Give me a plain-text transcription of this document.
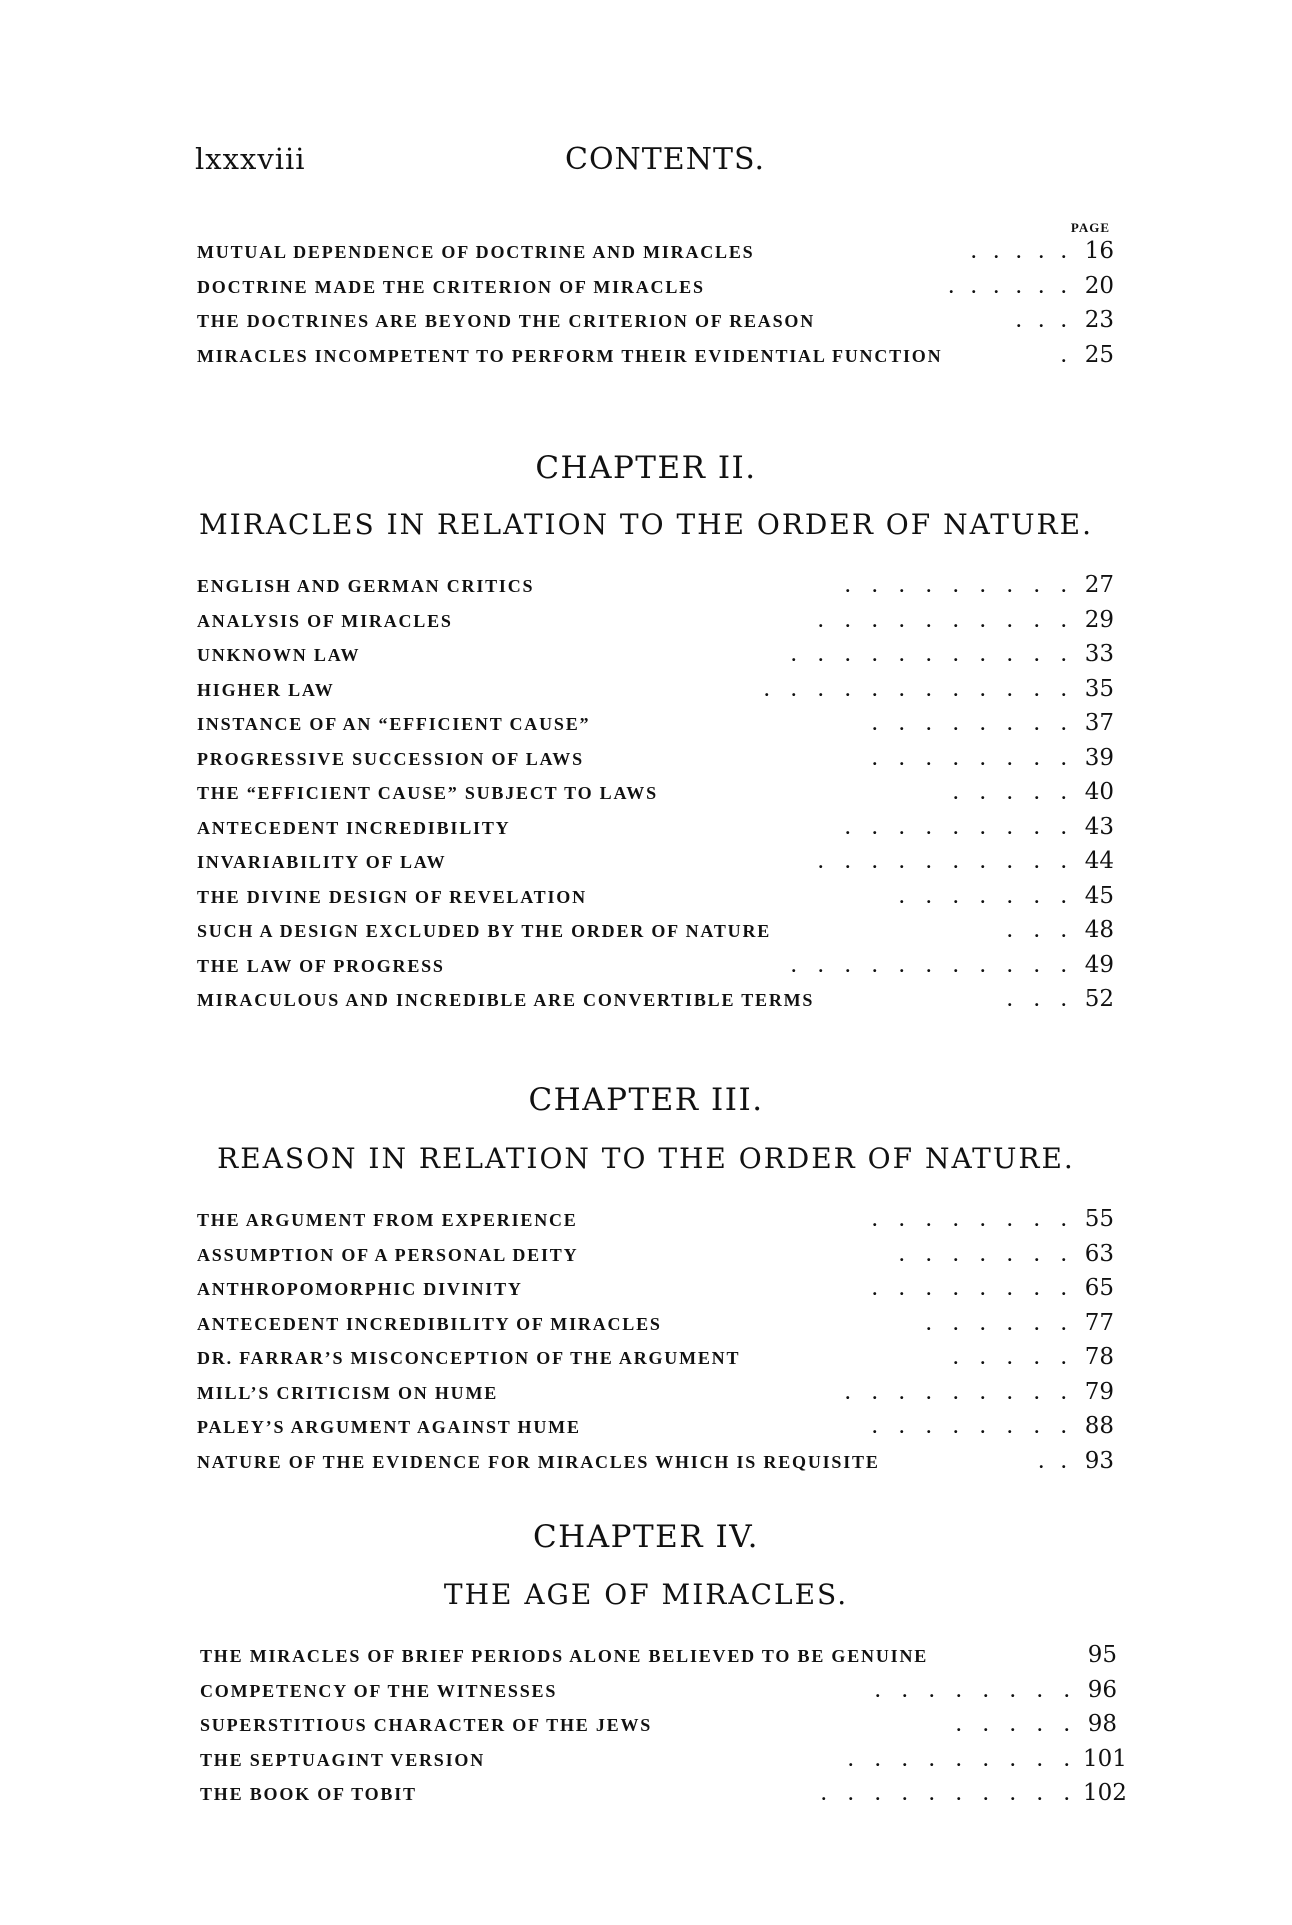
lxxxviii	CONTENTS.
PAGE
MUTUAL DEPENDENCE OF DOCTRINE AND MIRACLES	.    .    .    .    . 16
DOCTRINE MADE THE CRITERION OF MIRACLES	.    .    .    .    .    . 20
THE DOCTRINES ARE BEYOND THE CRITERION OF REASON	.    .    . 23
MIRACLES INCOMPETENT TO PERFORM THEIR EVIDENTIAL FUNCTION	. 25
CHAPTER II.
MIRACLES IN RELATION TO THE ORDER OF NATURE.
ENGLISH AND GERMAN CRITICS	.     .     .     .     .     .     .     .     . 27
ANALYSIS OF MIRACLES	.     .     .     .     .     .     .     .     .     . 29
UNKNOWN LAW	.     .     .     .     .     .     .     .     .     .     . 33
HIGHER LAW	.     .     .     .     .     .     .     .     .     .     .     . 35
INSTANCE OF AN “EFFICIENT CAUSE”	.     .     .     .     .     .     .     . 37
PROGRESSIVE SUCCESSION OF LAWS	.     .     .     .     .     .     .     . 39
THE “EFFICIENT CAUSE” SUBJECT TO LAWS	.     .     .     .     . 40
ANTECEDENT INCREDIBILITY	.     .     .     .     .     .     .     .     . 43
INVARIABILITY OF LAW	.     .     .     .     .     .     .     .     .     . 44
THE DIVINE DESIGN OF REVELATION	.     .     .     .     .     .     . 45
SUCH A DESIGN EXCLUDED BY THE ORDER OF NATURE	.     .     . 48
THE LAW OF PROGRESS	.     .     .     .     .     .     .     .     .     .     . 49
MIRACULOUS AND INCREDIBLE ARE CONVERTIBLE TERMS	.     .     . 52
CHAPTER III.
REASON IN RELATION TO THE ORDER OF NATURE.
THE ARGUMENT FROM EXPERIENCE	.     .     .     .     .     .     .     . 55
ASSUMPTION OF A PERSONAL DEITY	.     .     .     .     .     .     . 63
ANTHROPOMORPHIC DIVINITY	.     .     .     .     .     .     .     . 65
ANTECEDENT INCREDIBILITY OF MIRACLES	.     .     .     .     .     . 77
DR. FARRAR’S MISCONCEPTION OF THE ARGUMENT	.     .     .     .     . 78
MILL’S CRITICISM ON HUME	.     .     .     .     .     .     .     .     . 79
PALEY’S ARGUMENT AGAINST HUME	.     .     .     .     .     .     .     . 88
NATURE OF THE EVIDENCE FOR MIRACLES WHICH IS REQUISITE	.    . 93
CHAPTER IV.
THE AGE OF MIRACLES.
THE MIRACLES OF BRIEF PERIODS ALONE BELIEVED TO BE GENUINE	95
COMPETENCY OF THE WITNESSES	.     .     .     .     .     .     .     . 96
SUPERSTITIOUS CHARACTER OF THE JEWS	.     .     .     .     . 98
THE SEPTUAGINT VERSION	.     .     .     .     .     .     .     .     . 101
THE BOOK OF TOBIT	.     .     .     .     .     .     .     .     .     . 102
